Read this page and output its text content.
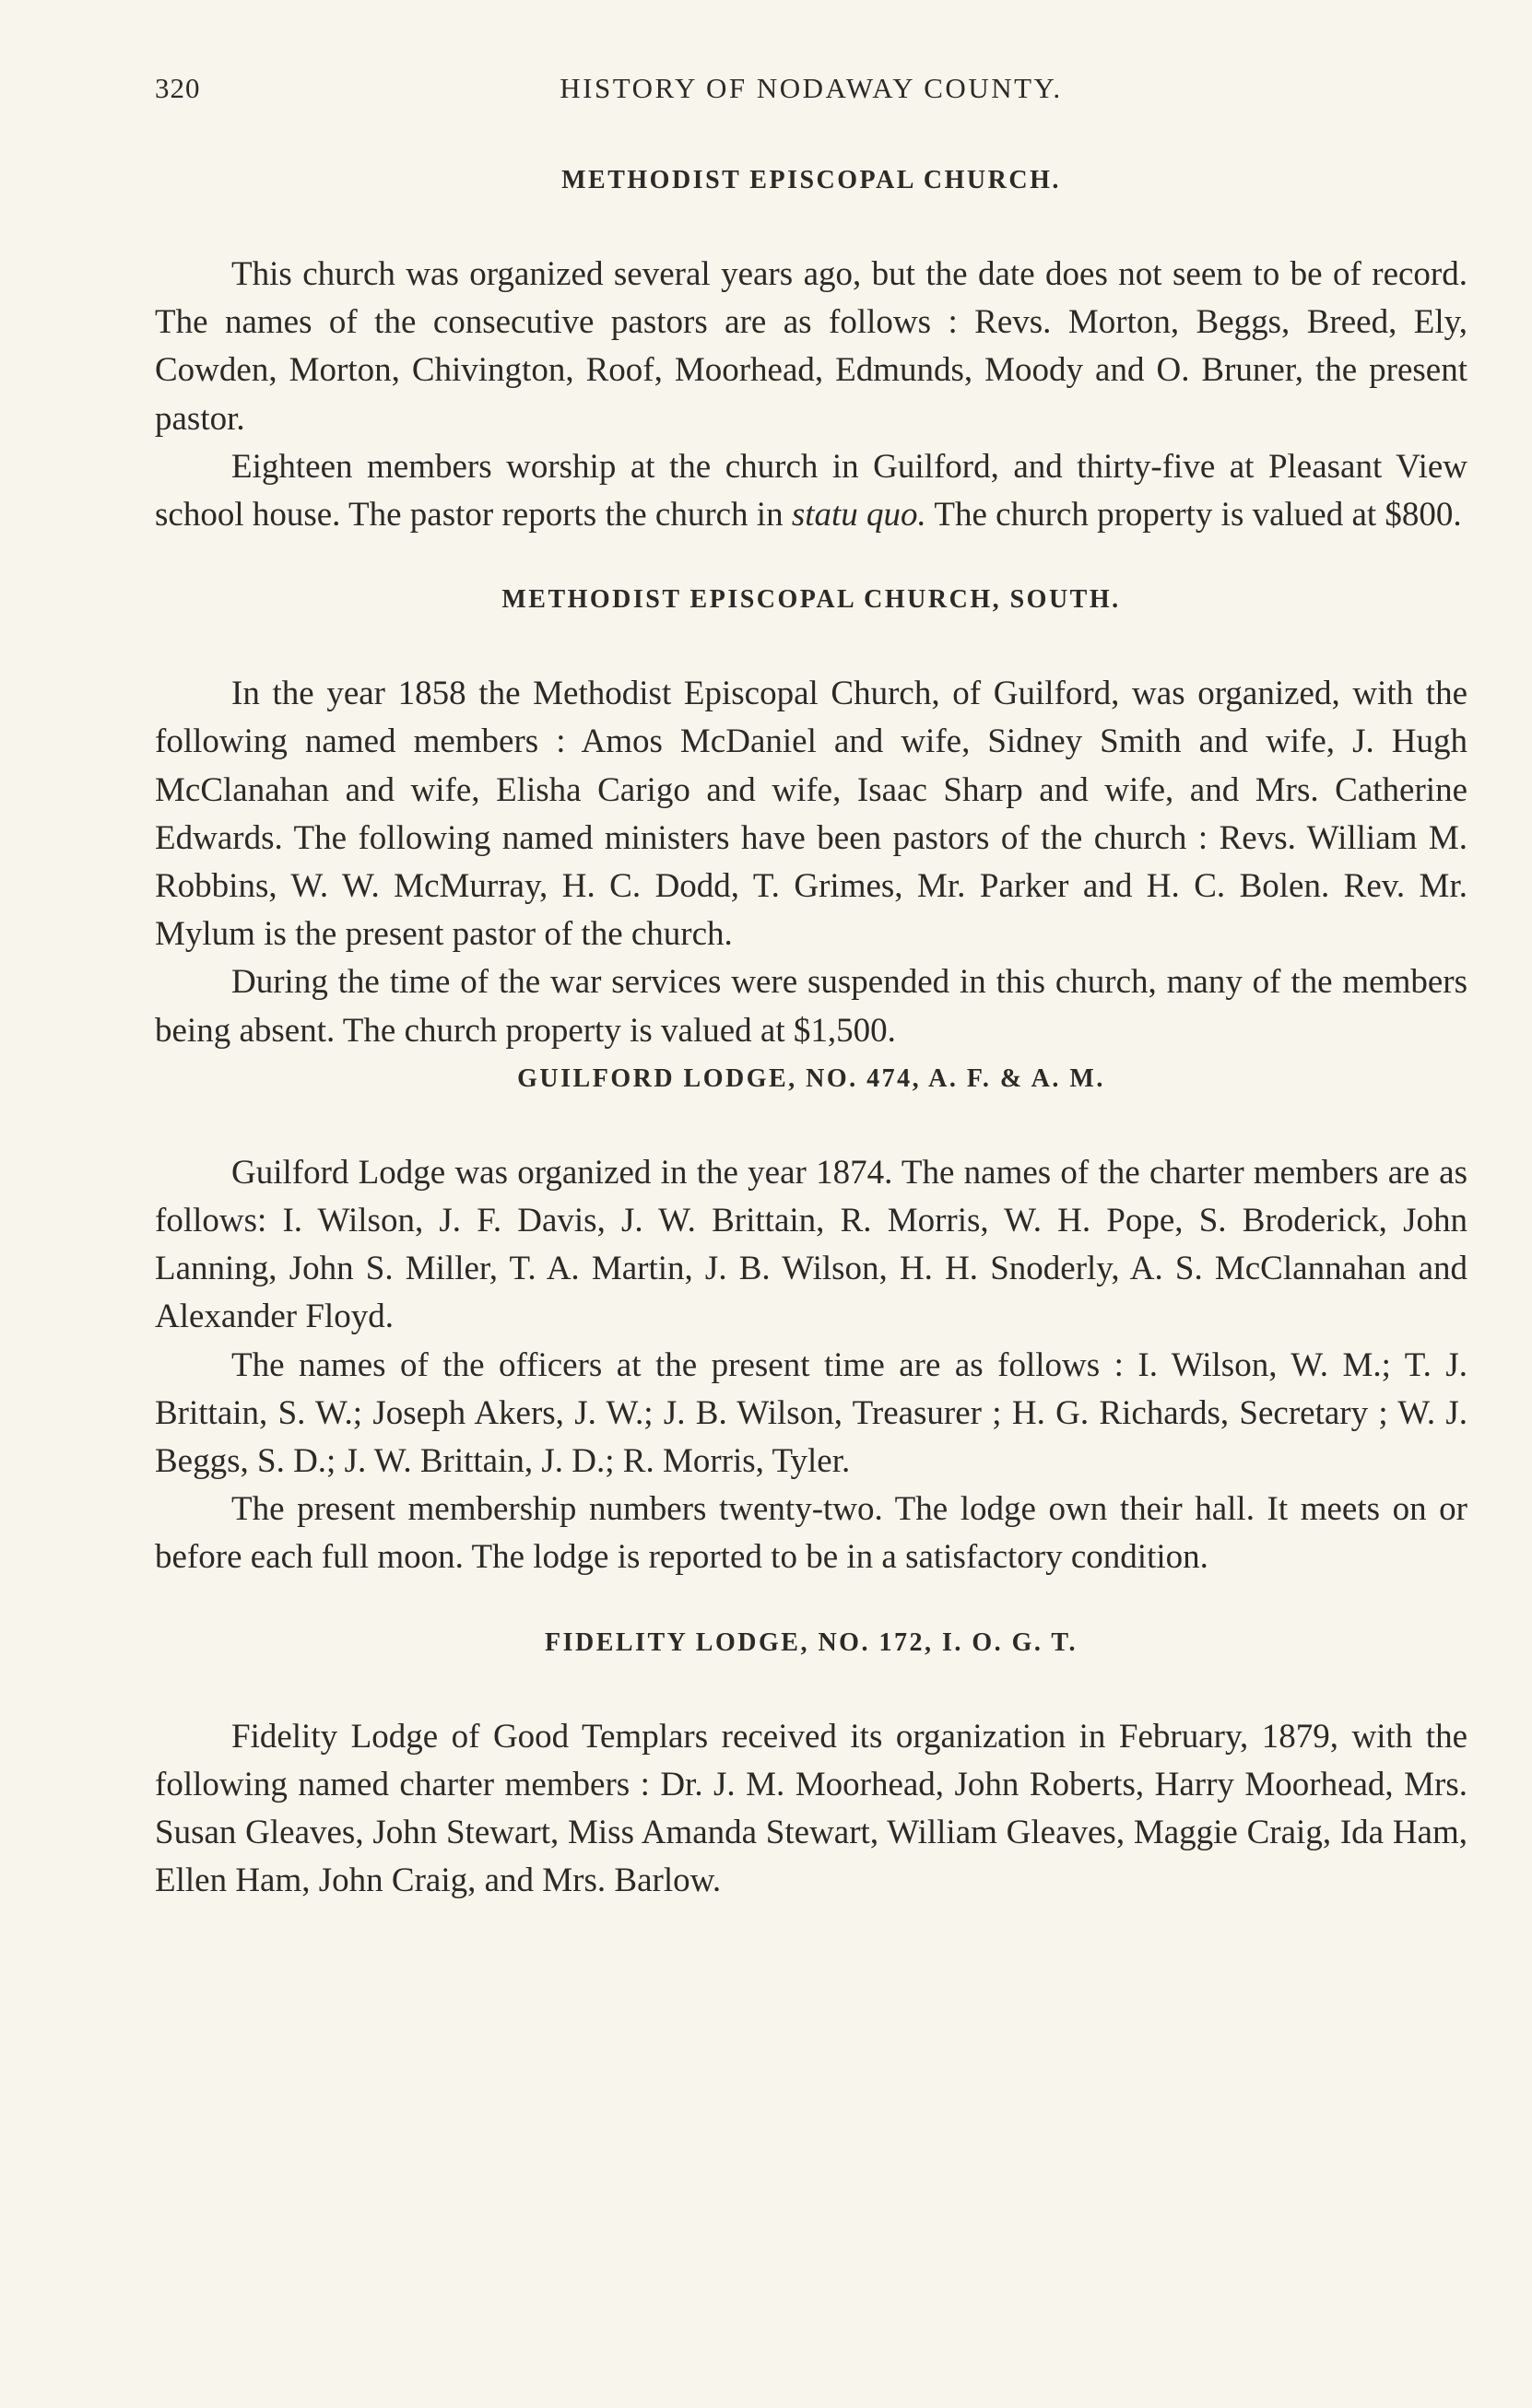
320	HISTORY OF NODAWAY COUNTY.
METHODIST EPISCOPAL CHURCH.

This church was organized several years ago, but the date does not seem to be of record. The names of the consecutive pastors are as follows : Revs. Morton, Beggs, Breed, Ely, Cowden, Morton, Chivington, Roof, Moorhead, Edmunds, Moody and O. Bruner, the present pastor.

Eighteen members worship at the church in Guilford, and thirty-five at Pleasant View school house. The pastor reports the church in statu quo. The church property is valued at $800.

METHODIST EPISCOPAL CHURCH, SOUTH.

In the year 1858 the Methodist Episcopal Church, of Guilford, was organized, with the following named members : Amos McDaniel and wife, Sidney Smith and wife, J. Hugh McClanahan and wife, Elisha Carigo and wife, Isaac Sharp and wife, and Mrs. Catherine Edwards. The following named ministers have been pastors of the church : Revs. William M. Robbins, W. W. McMurray, H. C. Dodd, T. Grimes, Mr. Parker and H. C. Bolen. Rev. Mr. Mylum is the present pastor of the church.

During the time of the war services were suspended in this church, many of the members being absent. The church property is valued at $1,500.

GUILFORD LODGE, NO. 474, A. F. & A. M.

Guilford Lodge was organized in the year 1874. The names of the charter members are as follows: I. Wilson, J. F. Davis, J. W. Brittain, R. Morris, W. H. Pope, S. Broderick, John Lanning, John S. Miller, T. A. Martin, J. B. Wilson, H. H. Snoderly, A. S. McClannahan and Alexander Floyd.

The names of the officers at the present time are as follows : I. Wilson, W. M.; T. J. Brittain, S. W.; Joseph Akers, J. W.; J. B. Wilson, Treasurer ; H. G. Richards, Secretary ; W. J. Beggs, S. D.; J. W. Brittain, J. D.; R. Morris, Tyler.

The present membership numbers twenty-two. The lodge own their hall. It meets on or before each full moon. The lodge is reported to be in a satisfactory condition.

FIDELITY LODGE, NO. 172, I. O. G. T.

Fidelity Lodge of Good Templars received its organization in February, 1879, with the following named charter members : Dr. J. M. Moorhead, John Roberts, Harry Moorhead, Mrs. Susan Gleaves, John Stewart, Miss Amanda Stewart, William Gleaves, Maggie Craig, Ida Ham, Ellen Ham, John Craig, and Mrs. Barlow.
